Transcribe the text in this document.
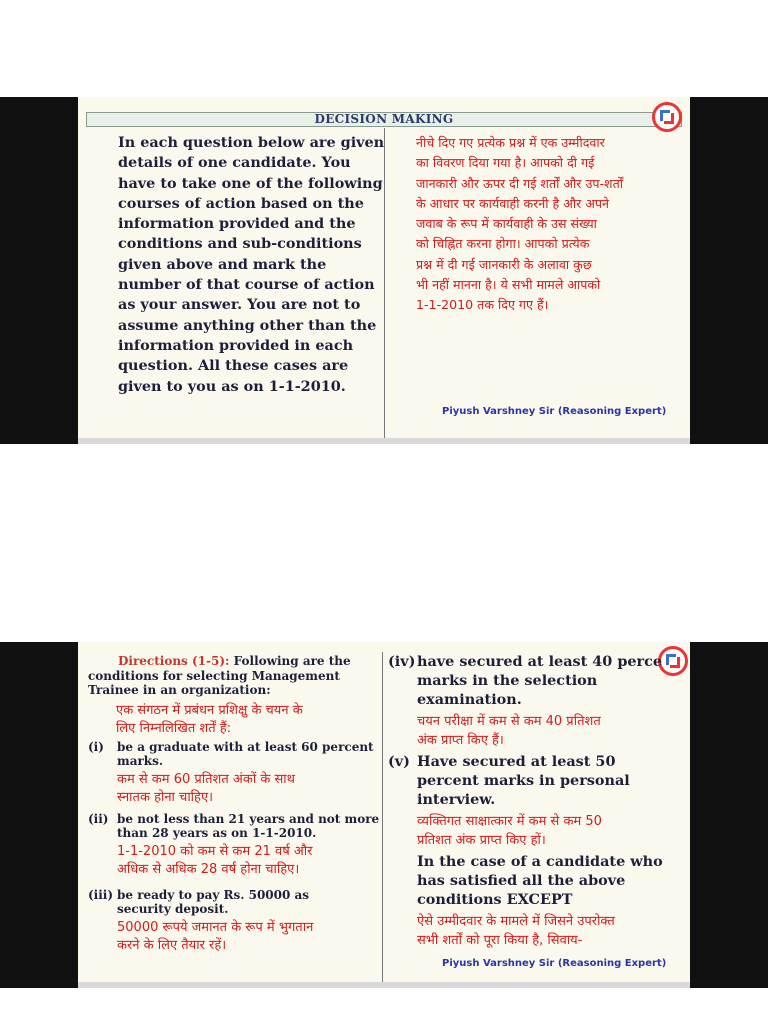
DECISION MAKING
In each question below are given
details of one candidate. You
have to take one of the following
courses of action based on the
information provided and the
conditions and sub-conditions
given above and mark the
number of that course of action
as your answer. You are not to
assume anything other than the
information provided in each
question. All these cases are
given to you as on 1-1-2010.
नीचे दिए गए प्रत्येक प्रश्न में एक उम्मीदवार
का विवरण दिया गया है। आपको दी गई
जानकारी और ऊपर दी गई शर्तों और उप-शर्तों
के आधार पर कार्यवाही करनी है और अपने
जवाब के रूप में कार्यवाही के उस संख्या
को चिह्नित करना होगा। आपको प्रत्येक
प्रश्न में दी गई जानकारी के अलावा कुछ
भी नहीं मानना है। ये सभी मामले आपको
1-1-2010 तक दिए गए हैं।
Piyush Varshney Sir (Reasoning Expert)
Directions (1-5): Following are the
conditions for selecting Management
Trainee in an organization:
एक संगठन में प्रबंधन प्रशिक्षु के चयन के
लिए निम्नलिखित शर्तें हैं:
(i) be a graduate with at least 60 percent
marks.
कम से कम 60 प्रतिशत अंकों के साथ
स्नातक होना चाहिए।
(ii) be not less than 21 years and not more
than 28 years as on 1-1-2010.
1-1-2010 को कम से कम 21 वर्ष और
अधिक से अधिक 28 वर्ष होना चाहिए।
(iii) be ready to pay Rs. 50000 as
security deposit.
50000 रूपये जमानत के रूप में भुगतान
करने के लिए तैयार रहें।
(iv) have secured at least 40 perce
marks in the selection
examination.
चयन परीक्षा में कम से कम 40 प्रतिशत
अंक प्राप्त किए हैं।
(v) Have secured at least 50
percent marks in personal
interview.
व्यक्तिगत साक्षात्कार में कम से कम 50
प्रतिशत अंक प्राप्त किए हों।
In the case of a candidate who
has satisfied all the above
conditions EXCEPT
ऐसे उम्मीदवार के मामले में जिसने उपरोक्त
सभी शर्तों को पूरा किया है, सिवाय-
Piyush Varshney Sir (Reasoning Expert)
